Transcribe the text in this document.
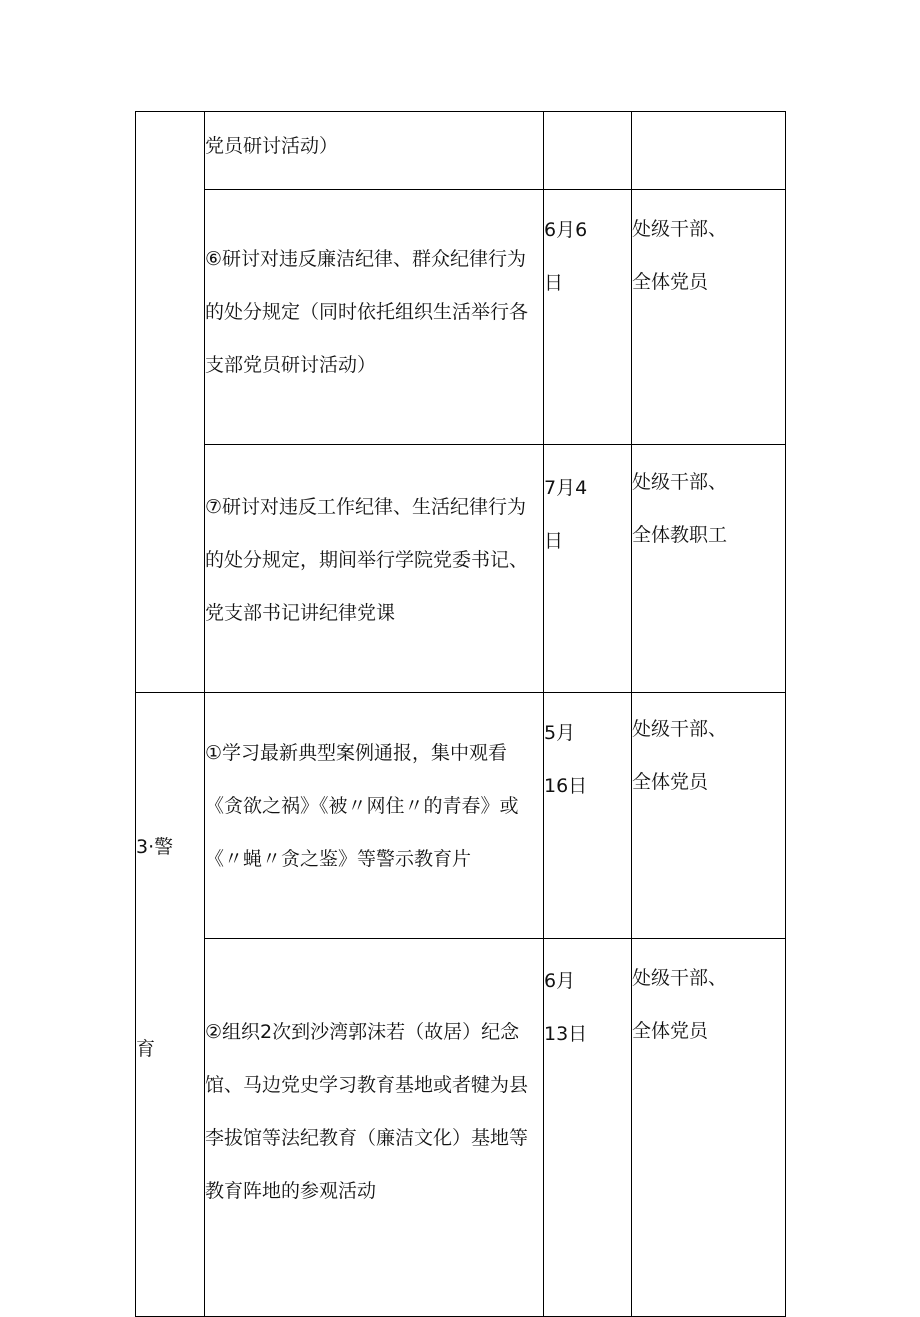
	党员研讨活动）		
	⑥研讨对违反廉洁纪律、群众纪律行为
的处分规定（同时依托组织生活举行各
支部党员研讨活动）	6月6
日	处级干部、
全体党员
	⑦研讨对违反工作纪律、生活纪律行为
的处分规定，期间举行学院党委书记、
党支部书记讲纪律党课	7月4
日	处级干部、
全体教职工

3·警

育	①学习最新典型案例通报，集中观看
《贪欲之祸》《被〃网住〃的青春》或
《〃蝇〃贪之鉴》等警示教育片	5月
16日	处级干部、
全体党员
	②组织2次到沙湾郭沫若（故居）纪念
馆、马边党史学习教育基地或者犍为县
李拔馆等法纪教育（廉洁文化）基地等
教育阵地的参观活动	6月
13日	处级干部、
全体党员
